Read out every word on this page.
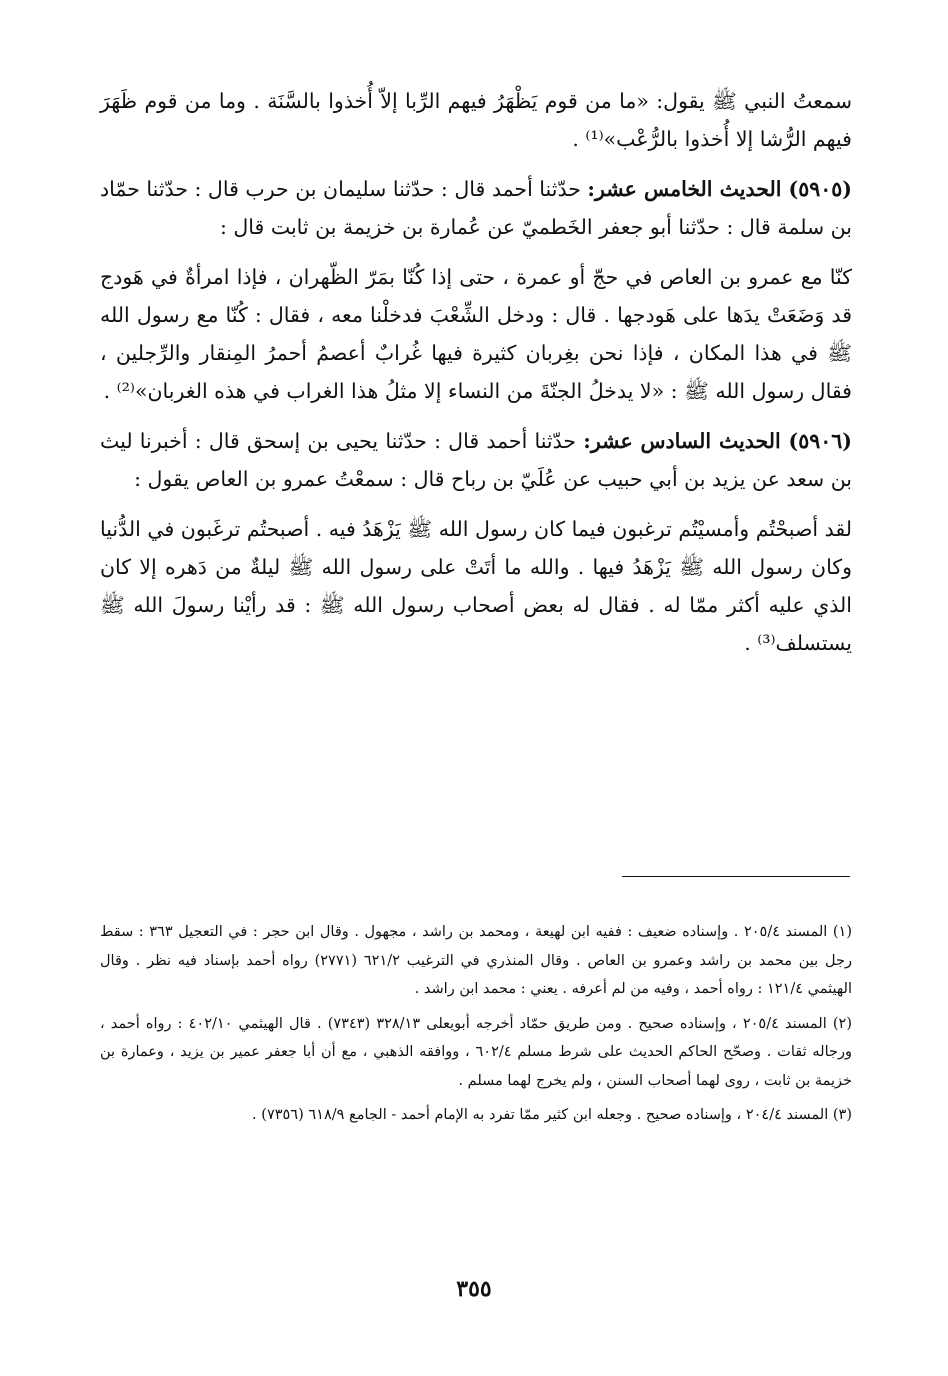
سمعتُ النبي ﷺ يقول: «ما من قوم يَظْهَرُ فيهم الرِّبا إلاّ أُخذوا بالسَّنَة . وما من قوم ظَهَرَ فيهم الرُّشا إلا أُخذوا بالرُّعْب»⁽¹⁾ .

(٥٩٠٥) الحديث الخامس عشر: حدّثنا أحمد قال : حدّثنا سليمان بن حرب قال : حدّثنا حمّاد بن سلمة قال : حدّثنا أبو جعفر الخَطميّ عن عُمارة بن خزيمة بن ثابت قال :

كنّا مع عمرو بن العاص في حجّ أو عمرة ، حتى إذا كُنّا بمَرّ الظّهران ، فإذا امرأةٌ في هَودج قد وَضَعَتْ يدَها على هَودجها . قال : ودخل الشِّعْبَ فدخلْنا معه ، فقال : كُنّا مع رسول الله ﷺ في هذا المكان ، فإذا نحن بغِربان كثيرة فيها غُرابٌ أعصمُ أحمرُ المِنقار والرِّجلين ، فقال رسول الله ﷺ : «لا يدخلُ الجنّةَ من النساء إلا مثلُ هذا الغراب في هذه الغربان»⁽²⁾ .

(٥٩٠٦) الحديث السادس عشر: حدّثنا أحمد قال : حدّثنا يحيى بن إسحق قال : أخبرنا ليث بن سعد عن يزيد بن أبي حبيب عن عُلَيّ بن رباح قال : سمعْتُ عمرو بن العاص يقول :

لقد أصبحْتُم وأمسيْتُم ترغبون فيما كان رسول الله ﷺ يَزْهَدُ فيه . أصبحتُم ترغَبون في الدُّنيا وكان رسول الله ﷺ يَزْهَدُ فيها . والله ما أتَتْ على رسول الله ﷺ ليلةٌ من دَهره إلا كان الذي عليه أكثر ممّا له . فقال له بعض أصحاب رسول الله ﷺ : قد رأيْنا رسولَ الله ﷺ يستسلف⁽³⁾ .

(١) المسند ٢٠٥/٤ . وإسناده ضعيف : ففيه ابن لهيعة ، ومحمد بن راشد ، مجهول . وقال ابن حجر : في التعجيل ٣٦٣ : سقط رجل بين محمد بن راشد وعمرو بن العاص . وقال المنذري في الترغيب ٦٢١/٢ (٢٧٧١) رواه أحمد بإسناد فيه نظر . وقال الهيثمي ١٢١/٤ : رواه أحمد ، وفيه من لم أعرفه . يعني : محمد ابن راشد .

(٢) المسند ٢٠٥/٤ ، وإسناده صحيح . ومن طريق حمّاد أخرجه أبويعلى ٣٢٨/١٣ (٧٣٤٣) . قال الهيثمي ٤٠٢/١٠ : رواه أحمد ، ورجاله ثقات . وصحّح الحاكم الحديث على شرط مسلم ٦٠٢/٤ ، ووافقه الذهبي ، مع أن أبا جعفر عمير بن يزيد ، وعمارة بن خزيمة بن ثابت ، روى لهما أصحاب السنن ، ولم يخرج لهما مسلم .

(٣) المسند ٢٠٤/٤ ، وإسناده صحيح . وجعله ابن كثير ممّا تفرد به الإمام أحمد - الجامع ٦١٨/٩ (٧٣٥٦) .

٣٥٥
